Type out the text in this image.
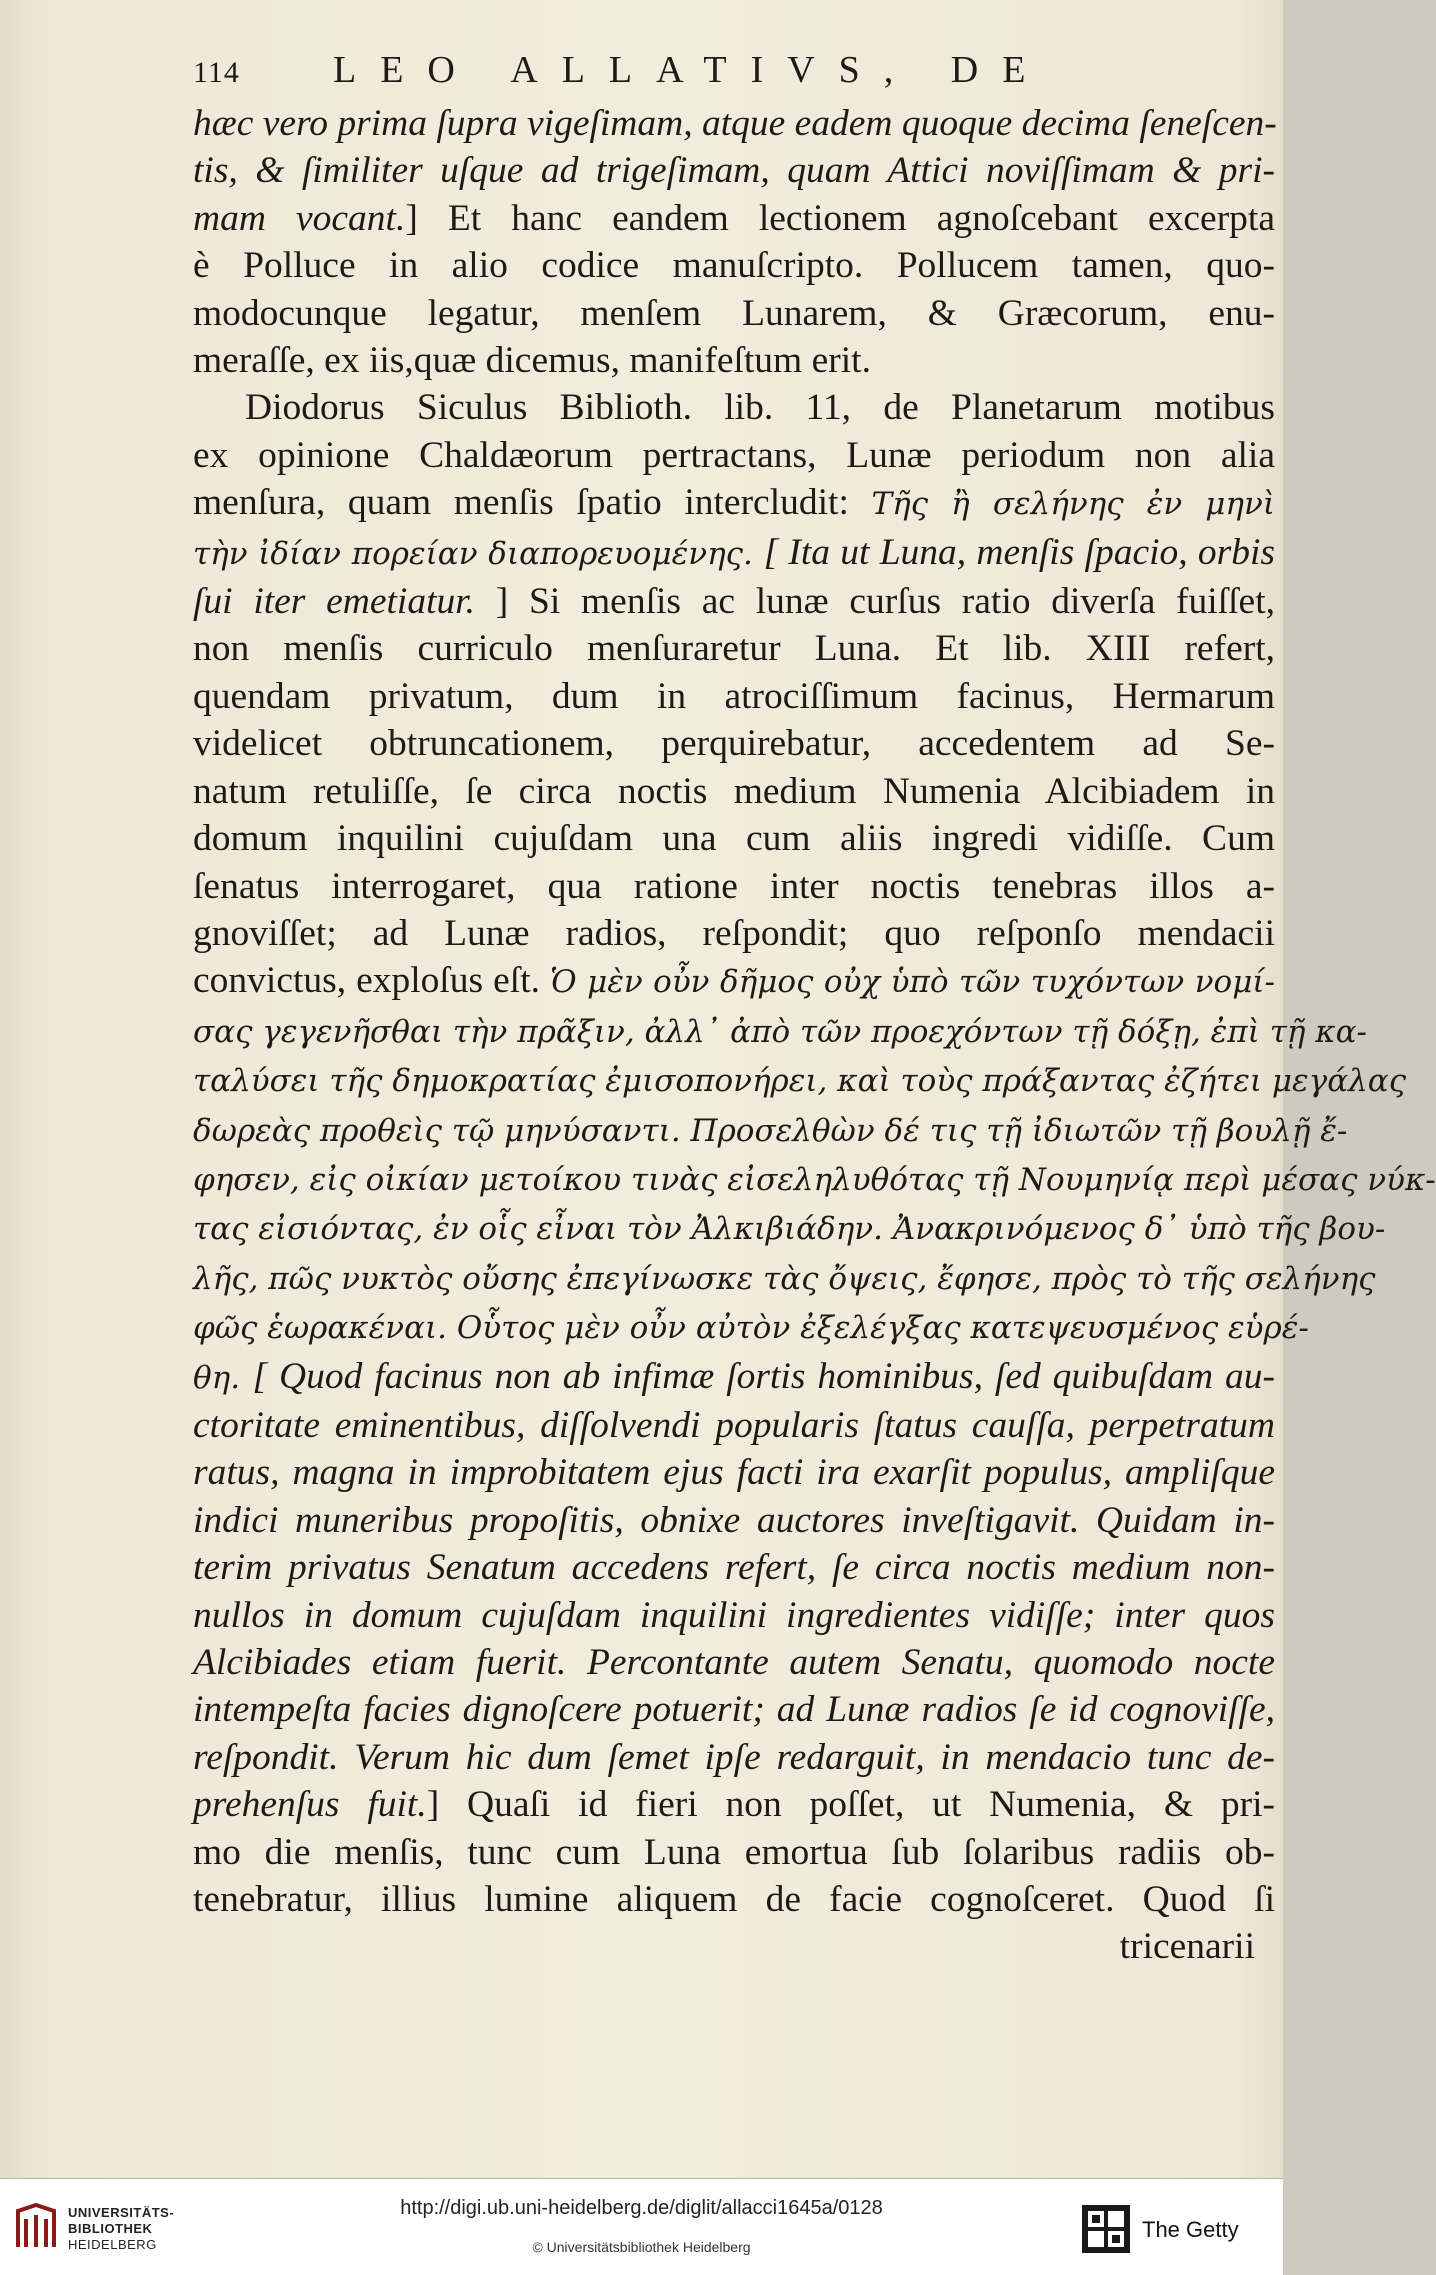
114	LEO ALLATIVS, DE
hæc vero prima ſupra vigeſimam, atque eadem quoque decima ſeneſcen-
tis, & ſimiliter uſque ad trigeſimam, quam Attici noviſſimam & pri-
mam vocant.] Et hanc eandem lectionem agnoſcebant excerpta
è Polluce in alio codice manuſcripto. Pollucem tamen, quo-
modocunque legatur, menſem Lunarem, & Græcorum, enu-
meraſſe, ex iis,quæ dicemus, manifeſtum erit.
Diodorus Siculus Biblioth. lib. 11, de Planetarum motibus
ex opinione Chaldæorum pertractans, Lunæ periodum non alia
menſura, quam menſis ſpatio intercludit: Τῆς ἢ σελήνης ἐν μηνὶ
τὴν ἰδίαν πορείαν διαπορευομένης. [ Ita ut Luna, menſis ſpacio, orbis
ſui iter emetiatur. ] Si menſis ac lunæ curſus ratio diverſa fuiſſet,
non menſis curriculo menſuraretur Luna. Et lib. XIII refert,
quendam privatum, dum in atrociſſimum facinus, Hermarum
videlicet obtruncationem, perquirebatur, accedentem ad Se-
natum retuliſſe, ſe circa noctis medium Numenia Alcibiadem in
domum inquilini cujuſdam una cum aliis ingredi vidiſſe. Cum
ſenatus interrogaret, qua ratione inter noctis tenebras illos a-
gnoviſſet; ad Lunæ radios, reſpondit; quo reſponſo mendacii
convictus, exploſus eſt. Ὁ μὲν οὖν δῆμος οὐχ ὑπὸ τῶν τυχόντων νομί-
σας γεγενῆσθαι τὴν πρᾶξιν, ἀλλ᾽ ἀπὸ τῶν προεχόντων τῇ δόξῃ, ἐπὶ τῇ κα-
ταλύσει τῆς δημοκρατίας ἐμισοπονήρει, καὶ τοὺς πράξαντας ἐζήτει μεγάλας
δωρεὰς προθεὶς τῷ μηνύσαντι. Προσελθὼν δέ τις τῇ ἰδιωτῶν τῇ βουλῇ ἔ-
φησεν, εἰς οἰκίαν μετοίκου τινὰς εἰσεληλυθότας τῇ Νουμηνίᾳ περὶ μέσας νύκ-
τας εἰσιόντας, ἐν οἷς εἶναι τὸν Ἀλκιβιάδην. Ἀνακρινόμενος δ᾽ ὑπὸ τῆς βου-
λῆς, πῶς νυκτὸς οὔσης ἐπεγίνωσκε τὰς ὄψεις, ἔφησε, πρὸς τὸ τῆς σελήνης
φῶς ἑωρακέναι. Οὗτος μὲν οὖν αὐτὸν ἐξελέγξας κατεψευσμένος εὑρέ-
θη. [ Quod facinus non ab infimæ ſortis hominibus, ſed quibuſdam au-
ctoritate eminentibus, diſſolvendi popularis ſtatus cauſſa, perpetratum
ratus, magna in improbitatem ejus facti ira exarſit populus, ampliſque
indici muneribus propoſitis, obnixe auctores inveſtigavit. Quidam in-
terim privatus Senatum accedens refert, ſe circa noctis medium non-
nullos in domum cujuſdam inquilini ingredientes vidiſſe; inter quos
Alcibiades etiam fuerit. Percontante autem Senatu, quomodo nocte
intempeſta facies dignoſcere potuerit; ad Lunæ radios ſe id cognoviſſe,
reſpondit. Verum hic dum ſemet ipſe redarguit, in mendacio tunc de-
prehenſus fuit.] Quaſi id fieri non poſſet, ut Numenia, & pri-
mo die menſis, tunc cum Luna emortua ſub ſolaribus radiis ob-
tenebratur, illius lumine aliquem de facie cognoſceret. Quod ſi
tricenarii
UNIVERSITÄTS-
BIBLIOTHEK
HEIDELBERG
http://digi.ub.uni-heidelberg.de/diglit/allacci1645a/0128
© Universitätsbibliothek Heidelberg
The Getty
